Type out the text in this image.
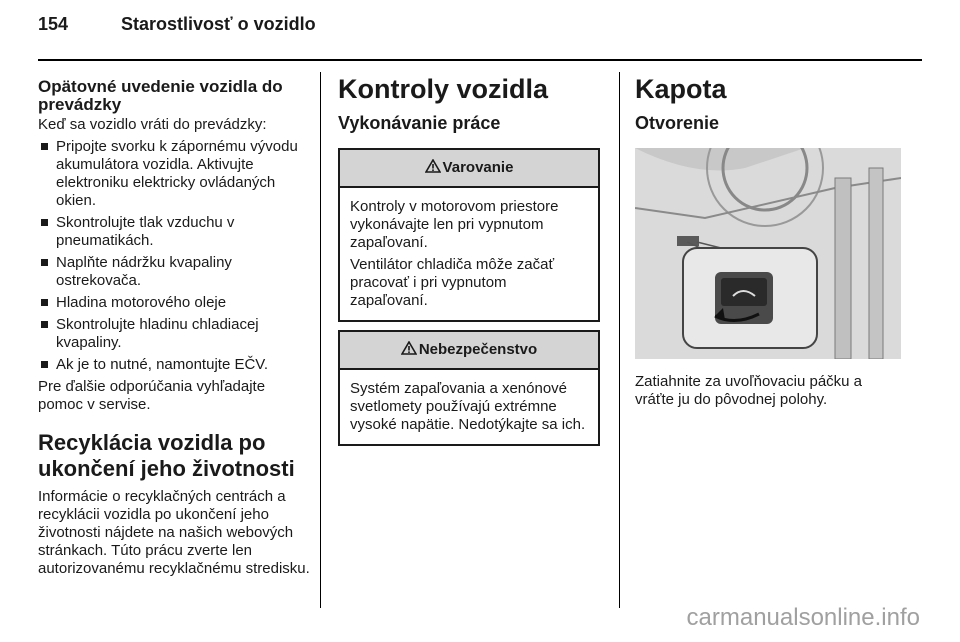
154	Starostlivosť o vozidlo
Opätovné uvedenie vozidla do prevádzky

Keď sa vozidlo vráti do prevádzky:

Pripojte svorku k zápornému vývodu akumulátora vozidla. Aktivujte elektroniku elektricky ovládaných okien.
Skontrolujte tlak vzduchu v pneumatikách.
Naplňte nádržku kvapaliny ostrekovača.
Hladina motorového oleje
Skontrolujte hladinu chladiacej kvapaliny.
Ak je to nutné, namontujte EČV.

Pre ďalšie odporúčania vyhľadajte pomoc v servise.

Recyklácia vozidla po ukončení jeho životnosti

Informácie o recyklačných centrách a recyklácii vozidla po ukončení jeho životnosti nájdete na našich webových stránkach. Túto prácu zverte len autorizovanému recyklačnému stredisku.

Kontroly vozidla
Vykonávanie práce
Varovanie

Kontroly v motorovom priestore vykonávajte len pri vypnutom zapaľovaní.

Ventilátor chladiča môže začať pracovať i pri vypnutom zapaľovaní.

Nebezpečenstvo

Systém zapaľovania a xenónové svetlomety používajú extrémne vysoké napätie. Nedotýkajte sa ich.

Kapota
Otvorenie

Zatiahnite za uvoľňovaciu páčku a vráťte ju do pôvodnej polohy.

carmanualsonline.info
